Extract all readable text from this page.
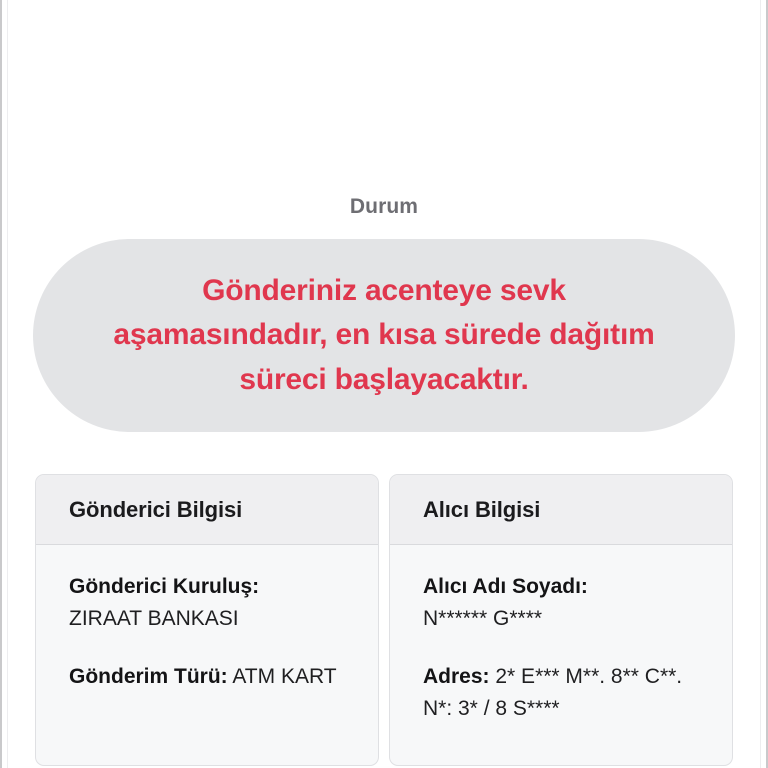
Durum

Gönderiniz acenteye sevk aşamasındadır, en kısa sürede dağıtım süreci başlayacaktır.

Gönderici Bilgisi

Gönderici Kuruluş:
ZIRAAT BANKASI

Gönderim Türü: ATM KART

Alıcı Bilgisi

Alıcı Adı Soyadı:
N****** G****

Adres: 2* E*** M**. 8** C**. N*: 3* / 8 S****
